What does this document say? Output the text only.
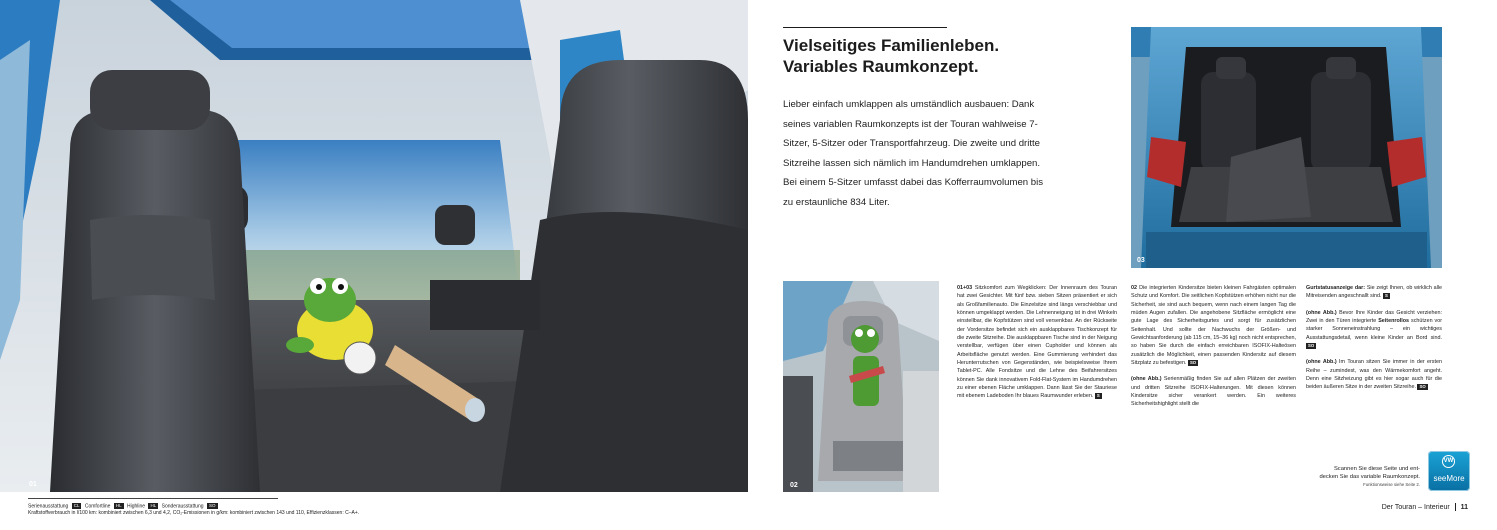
01
Serienausstattung CL Comfortline HL Highline HL Sonderausstattung SO
Kraftstoffverbrauch in l/100 km: kombiniert zwischen 6,3 und 4,2, CO₂-Emissionen in g/km: kombiniert zwischen 143 und 110, Effizienzklassen: C–A+.
Vielseitiges Familienleben.
Variables Raumkonzept.

Lieber einfach umklappen als umständlich ausbauen: Dank seines variablen Raumkonzepts ist der Touran wahlweise 7-Sitzer, 5-Sitzer oder Transportfahrzeug. Die zweite und dritte Sitzreihe lassen sich nämlich im Handumdrehen umklappen. Bei einem 5-Sitzer umfasst dabei das Kofferraumvolumen bis zu erstaunliche 834 Liter.

03
02

01+03 Sitzkomfort zum Wegklicken: Der Innenraum des Touran hat zwei Gesichter. Mit fünf bzw. sieben Sitzen präsentiert er sich als Großfamilienauto. Die Einzelsitze sind längs verschiebbar und können umgeklappt werden. Die Lehnenneigung ist in drei Winkeln einstellbar, die Kopfstützen sind voll versenkbar. An der Rückseite der Vordersitze befindet sich ein ausklappbares Tischkonzept für die zweite Sitzreihe. Die ausklappbaren Tische sind in der Neigung verstellbar, verfügen über einen Cupholder und können als Arbeitsfläche genutzt werden. Eine Gummierung verhindert das Herunterrutschen von Gegenständen, wie beispielsweise Ihrem Tablet-PC. Alle Fondsitze und die Lehne des Beifahrersitzes können Sie dank innovativem Fold-Flat-System im Handumdrehen zu einer ebenen Fläche umklappen. Dann lässt Sie der Stauriese mit ebenem Ladeboden Ihr blaues Raumwunder erleben. S

02 Die integrierten Kindersitze bieten kleinen Fahrgästen optimalen Schutz und Komfort. Die seitlichen Kopfstützen erhöhen nicht nur die Sicherheit, sie sind auch bequem, wenn nach einem langen Tag die müden Augen zufallen. Die angehobene Sitzfläche ermöglicht eine gute Lage des Sicherheitsgurtes und sorgt für zusätzlichen Seitenhalt. Und sollte der Nachwuchs der Größen- und Gewichtsanforderung (ab 115 cm, 15–36 kg) noch nicht entsprechen, so haben Sie durch die einfach erreichbaren ISOFIX-Halteösen zusätzlich die Möglichkeit, einen passenden Kindersitz auf diesem Sitzplatz zu befestigen. SO

(ohne Abb.) Serienmäßig finden Sie auf allen Plätzen der zweiten und dritten Sitzreihe ISOFIX-Halterungen. Mit diesen können Kindersitze sicher verankert werden. Ein weiteres Sicherheitshighlight stellt die

Gurtstatusanzeige dar: Sie zeigt Ihnen, ob wirklich alle Mitreisenden angeschnallt sind. S

(ohne Abb.) Bevor Ihre Kinder das Gesicht verziehen: Zwei in den Türen integrierte Seitenrollos schützen vor starker Sonneneinstrahlung – ein wichtiges Ausstattungsdetail, wenn kleine Kinder an Bord sind. SO

(ohne Abb.) Im Touran sitzen Sie immer in der ersten Reihe – zumindest, was den Wärmekomfort angeht. Denn eine Sitzheizung gibt es hier sogar auch für die beiden äußeren Sitze in der zweiten Sitzreihe. SO

Scannen Sie diese Seite und ent-
decken Sie das variable Raumkonzept.
Funktionsweise siehe Seite 2.
VW
seeMore
Der Touran – Interieur 11
